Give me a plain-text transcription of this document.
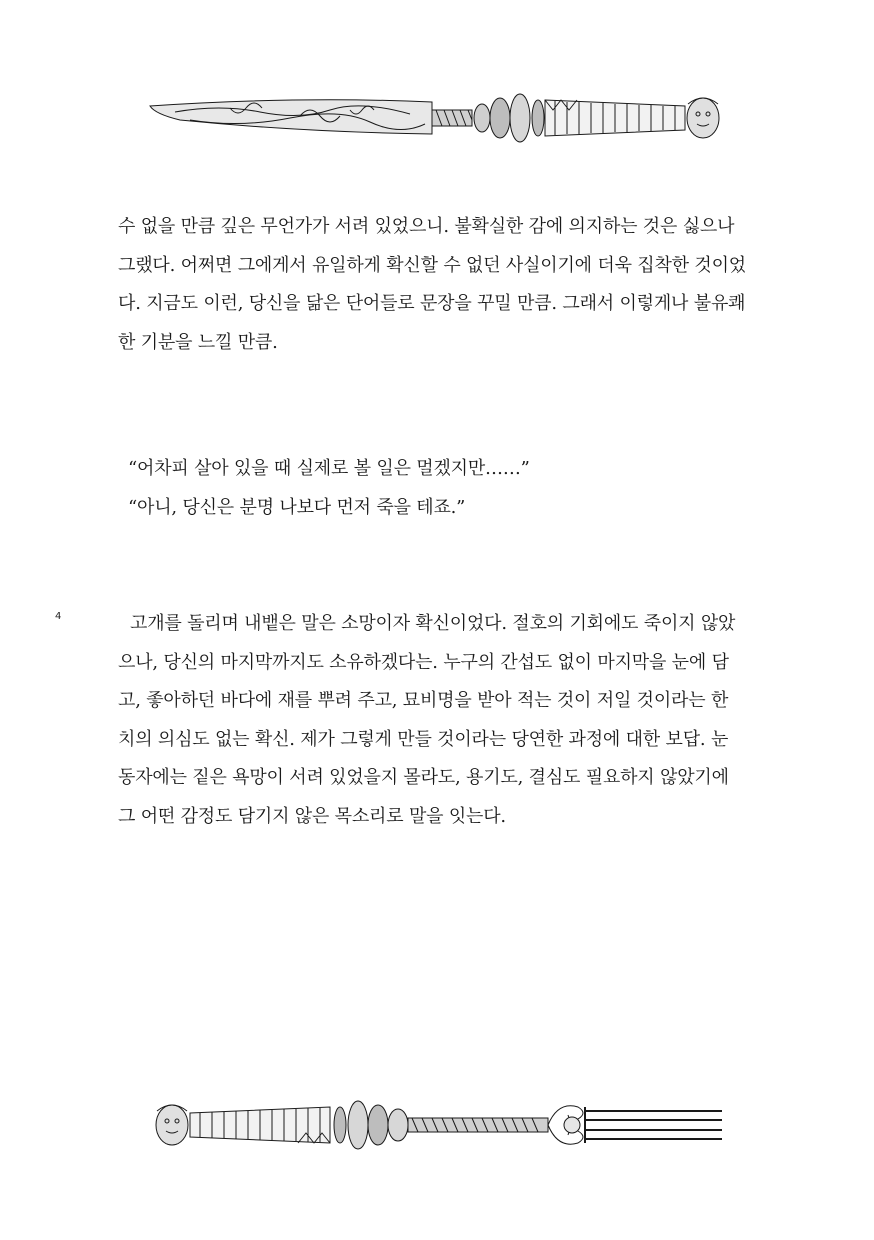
수 없을 만큼 깊은 무언가가 서려 있었으니. 불확실한 감에 의지하는 것은 싫으나
그랬다. 어쩌면 그에게서 유일하게 확신할 수 없던 사실이기에 더욱 집착한 것이었
다. 지금도 이런, 당신을 닮은 단어들로 문장을 꾸밀 만큼. 그래서 이렇게나 불유쾌
한 기분을 느낄 만큼.

“어차피 살아 있을 때 실제로 볼 일은 멀겠지만……”
“아니, 당신은 분명 나보다 먼저 죽을 테죠.”

4	고개를 돌리며 내뱉은 말은 소망이자 확신이었다. 절호의 기회에도 죽이지 않았
으나, 당신의 마지막까지도 소유하겠다는. 누구의 간섭도 없이 마지막을 눈에 담
고, 좋아하던 바다에 재를 뿌려 주고, 묘비명을 받아 적는 것이 저일 것이라는 한
치의 의심도 없는 확신. 제가 그렇게 만들 것이라는 당연한 과정에 대한 보답. 눈
동자에는 짙은 욕망이 서려 있었을지 몰라도, 용기도, 결심도 필요하지 않았기에
그 어떤 감정도 담기지 않은 목소리로 말을 잇는다.
